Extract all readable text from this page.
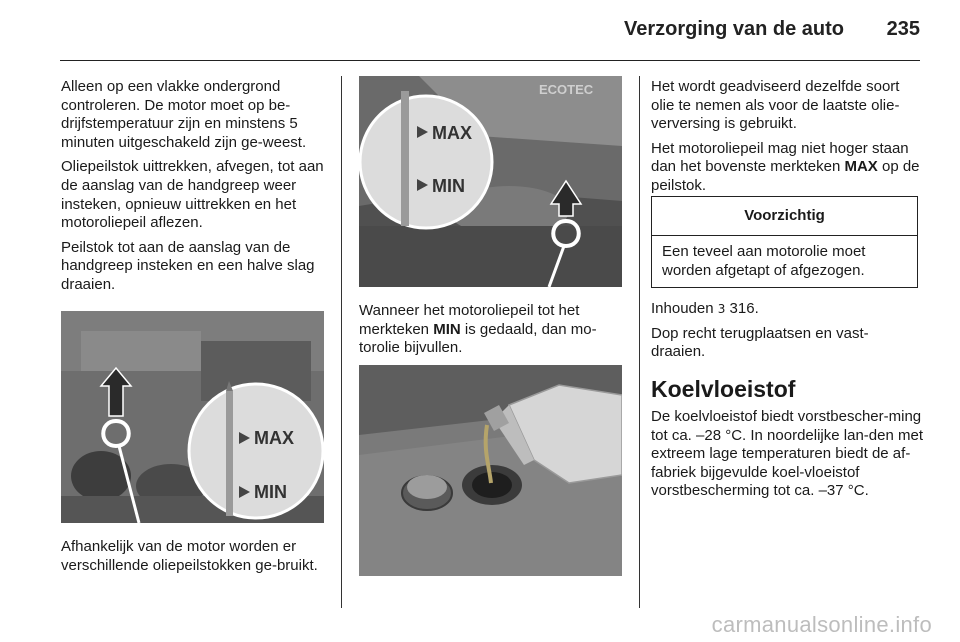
Verzorging van de auto 235

Alleen op een vlakke ondergrond controleren. De motor moet op be-drijfstemperatuur zijn en minstens 5 minuten uitgeschakeld zijn ge-weest.

Oliepeilstok uittrekken, afvegen, tot aan de aanslag van de handgreep weer insteken, opnieuw uittrekken en het motoroliepeil aflezen.

Peilstok tot aan de aanslag van de handgreep insteken en een halve slag draaien.

MAX
MIN

Afhankelijk van de motor worden er verschillende oliepeilstokken ge-bruikt.

ECOTEC
MAX
MIN

Wanneer het motoroliepeil tot het merkteken MIN is gedaald, dan mo-torolie bijvullen.

Het wordt geadviseerd dezelfde soort olie te nemen als voor de laatste olie-verversing is gebruikt.

Het motoroliepeil mag niet hoger staan dan het bovenste merkteken MAX op de peilstok.

Voorzichtig
Een teveel aan motorolie moet worden afgetapt of afgezogen.

Inhouden 3 316.

Dop recht terugplaatsen en vast-draaien.

Koelvloeistof

De koelvloeistof biedt vorstbescher-ming tot ca. –28 °C. In noordelijke lan-den met extreem lage temperaturen biedt de af-fabriek bijgevulde koel-vloeistof vorstbescherming tot ca. –37 °C.

carmanualsonline.info
